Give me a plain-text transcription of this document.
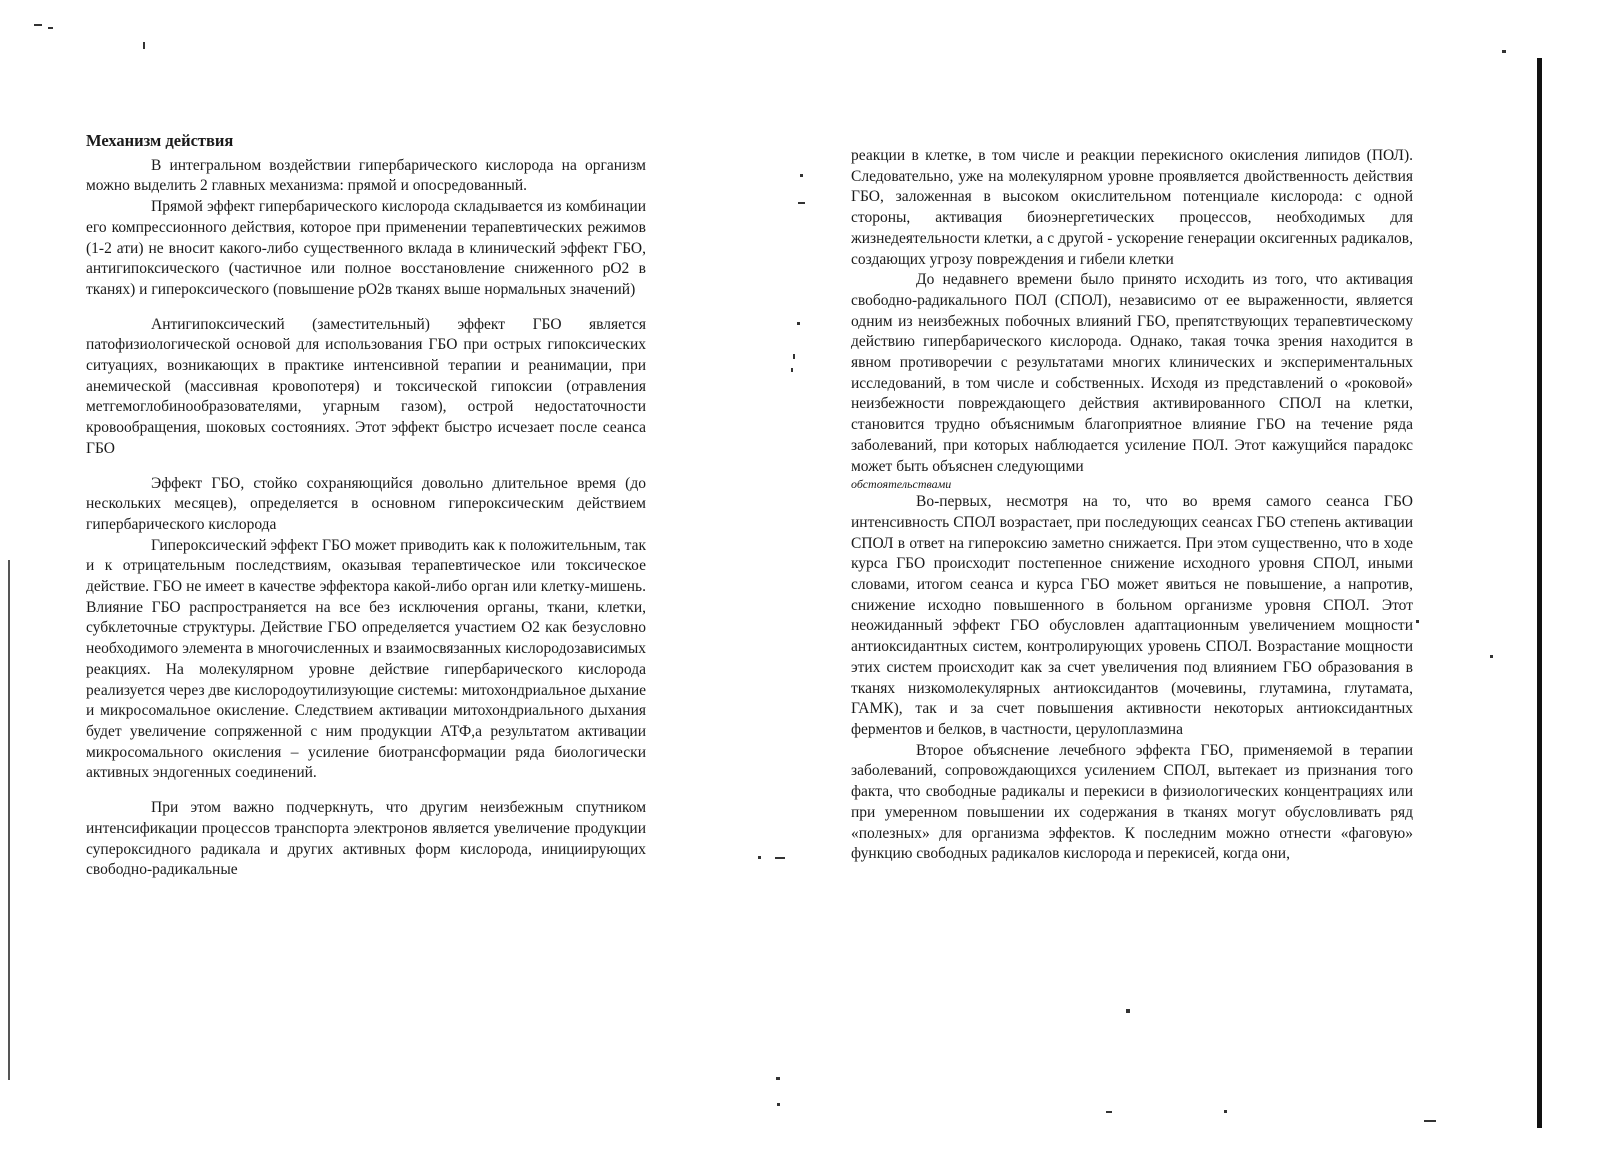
Механизм действия

В интегральном воздействии гипербарического кислорода на организм можно выделить 2 главных механизма: прямой и опосредованный.

Прямой эффект гипербарического кислорода складывается из комбинации его компрессионного действия, которое при применении терапевтических режимов (1-2 ати) не вносит какого-либо существенного вклада в клинический эффект ГБО, антигипоксического (частичное или полное восстановление сниженного pO2 в тканях) и гипероксического (повышение pO2в тканях выше нормальных значений)

Антигипоксический (заместительный) эффект ГБО является патофизиологической основой для использования ГБО при острых гипоксических ситуациях, возникающих в практике интенсивной терапии и реанимации, при анемической (массивная кровопотеря) и токсической гипоксии (отравления метгемоглобинообразователями, угарным газом), острой недостаточности кровообращения, шоковых состояниях. Этот эффект быстро исчезает после сеанса ГБО

Эффект ГБО, стойко сохраняющийся довольно длительное время (до нескольких месяцев), определяется в основном гипероксическим действием гипербарического кислорода

Гипероксический эффект ГБО может приводить как к положительным, так и к отрицательным последствиям, оказывая терапевтическое или токсическое действие. ГБО не имеет в качестве эффектора какой-либо орган или клетку-мишень. Влияние ГБО распространяется на все без исключения органы, ткани, клетки, субклеточные структуры. Действие ГБО определяется участием O2 как безусловно необходимого элемента в многочисленных и взаимосвязанных кислородозависимых реакциях. На молекулярном уровне действие гипербарического кислорода реализуется через две кислородоутилизующие системы: митохондриальное дыхание и микросомальное окисление. Следствием активации митохондриального дыхания будет увеличение сопряженной с ним продукции АТФ,а результатом активации микросомального окисления – усиление биотрансформации ряда биологически активных эндогенных соединений.

При этом важно подчеркнуть, что другим неизбежным спутником интенсификации процессов транспорта электронов является увеличение продукции супероксидного радикала и других активных форм кислорода, инициирующих свободно-радикальные

реакции в клетке, в том числе и реакции перекисного окисления липидов (ПОЛ). Следовательно, уже на молекулярном уровне проявляется двойственность действия ГБО, заложенная в высоком окислительном потенциале кислорода: с одной стороны, активация биоэнергетических процессов, необходимых для жизнедеятельности клетки, а с другой - ускорение генерации оксигенных радикалов, создающих угрозу повреждения и гибели клетки

До недавнего времени было принято исходить из того, что активация свободно-радикального ПОЛ (СПОЛ), независимо от ее выраженности, является одним из неизбежных побочных влияний ГБО, препятствующих терапевтическому действию гипербарического кислорода. Однако, такая точка зрения находится в явном противоречии с результатами многих клинических и экспериментальных исследований, в том числе и собственных. Исходя из представлений о «роковой» неизбежности повреждающего действия активированного СПОЛ на клетки, становится трудно объяснимым благоприятное влияние ГБО на течение ряда заболеваний, при которых наблюдается усиление ПОЛ. Этот кажущийся парадокс может быть объяснен следующими

обстоятельствами

Во-первых, несмотря на то, что во время самого сеанса ГБО интенсивность СПОЛ возрастает, при последующих сеансах ГБО степень активации СПОЛ в ответ на гипероксию заметно снижается. При этом существенно, что в ходе курса ГБО происходит постепенное снижение исходного уровня СПОЛ, иными словами, итогом сеанса и курса ГБО может явиться не повышение, а напротив, снижение исходно повышенного в больном организме уровня СПОЛ. Этот неожиданный эффект ГБО обусловлен адаптационным увеличением мощности антиоксидантных систем, контролирующих уровень СПОЛ. Возрастание мощности этих систем происходит как за счет увеличения под влиянием ГБО образования в тканях низкомолекулярных антиоксидантов (мочевины, глутамина, глутамата, ГАМК), так и за счет повышения активности некоторых антиоксидантных ферментов и белков, в частности, церулоплазмина

Второе объяснение лечебного эффекта ГБО, применяемой в терапии заболеваний, сопровождающихся усилением СПОЛ, вытекает из признания того факта, что свободные радикалы и перекиси в физиологических концентрациях или при умеренном повышении их содержания в тканях могут обусловливать ряд «полезных» для организма эффектов. К последним можно отнести «фаговую» функцию свободных радикалов кислорода и перекисей, когда они,
